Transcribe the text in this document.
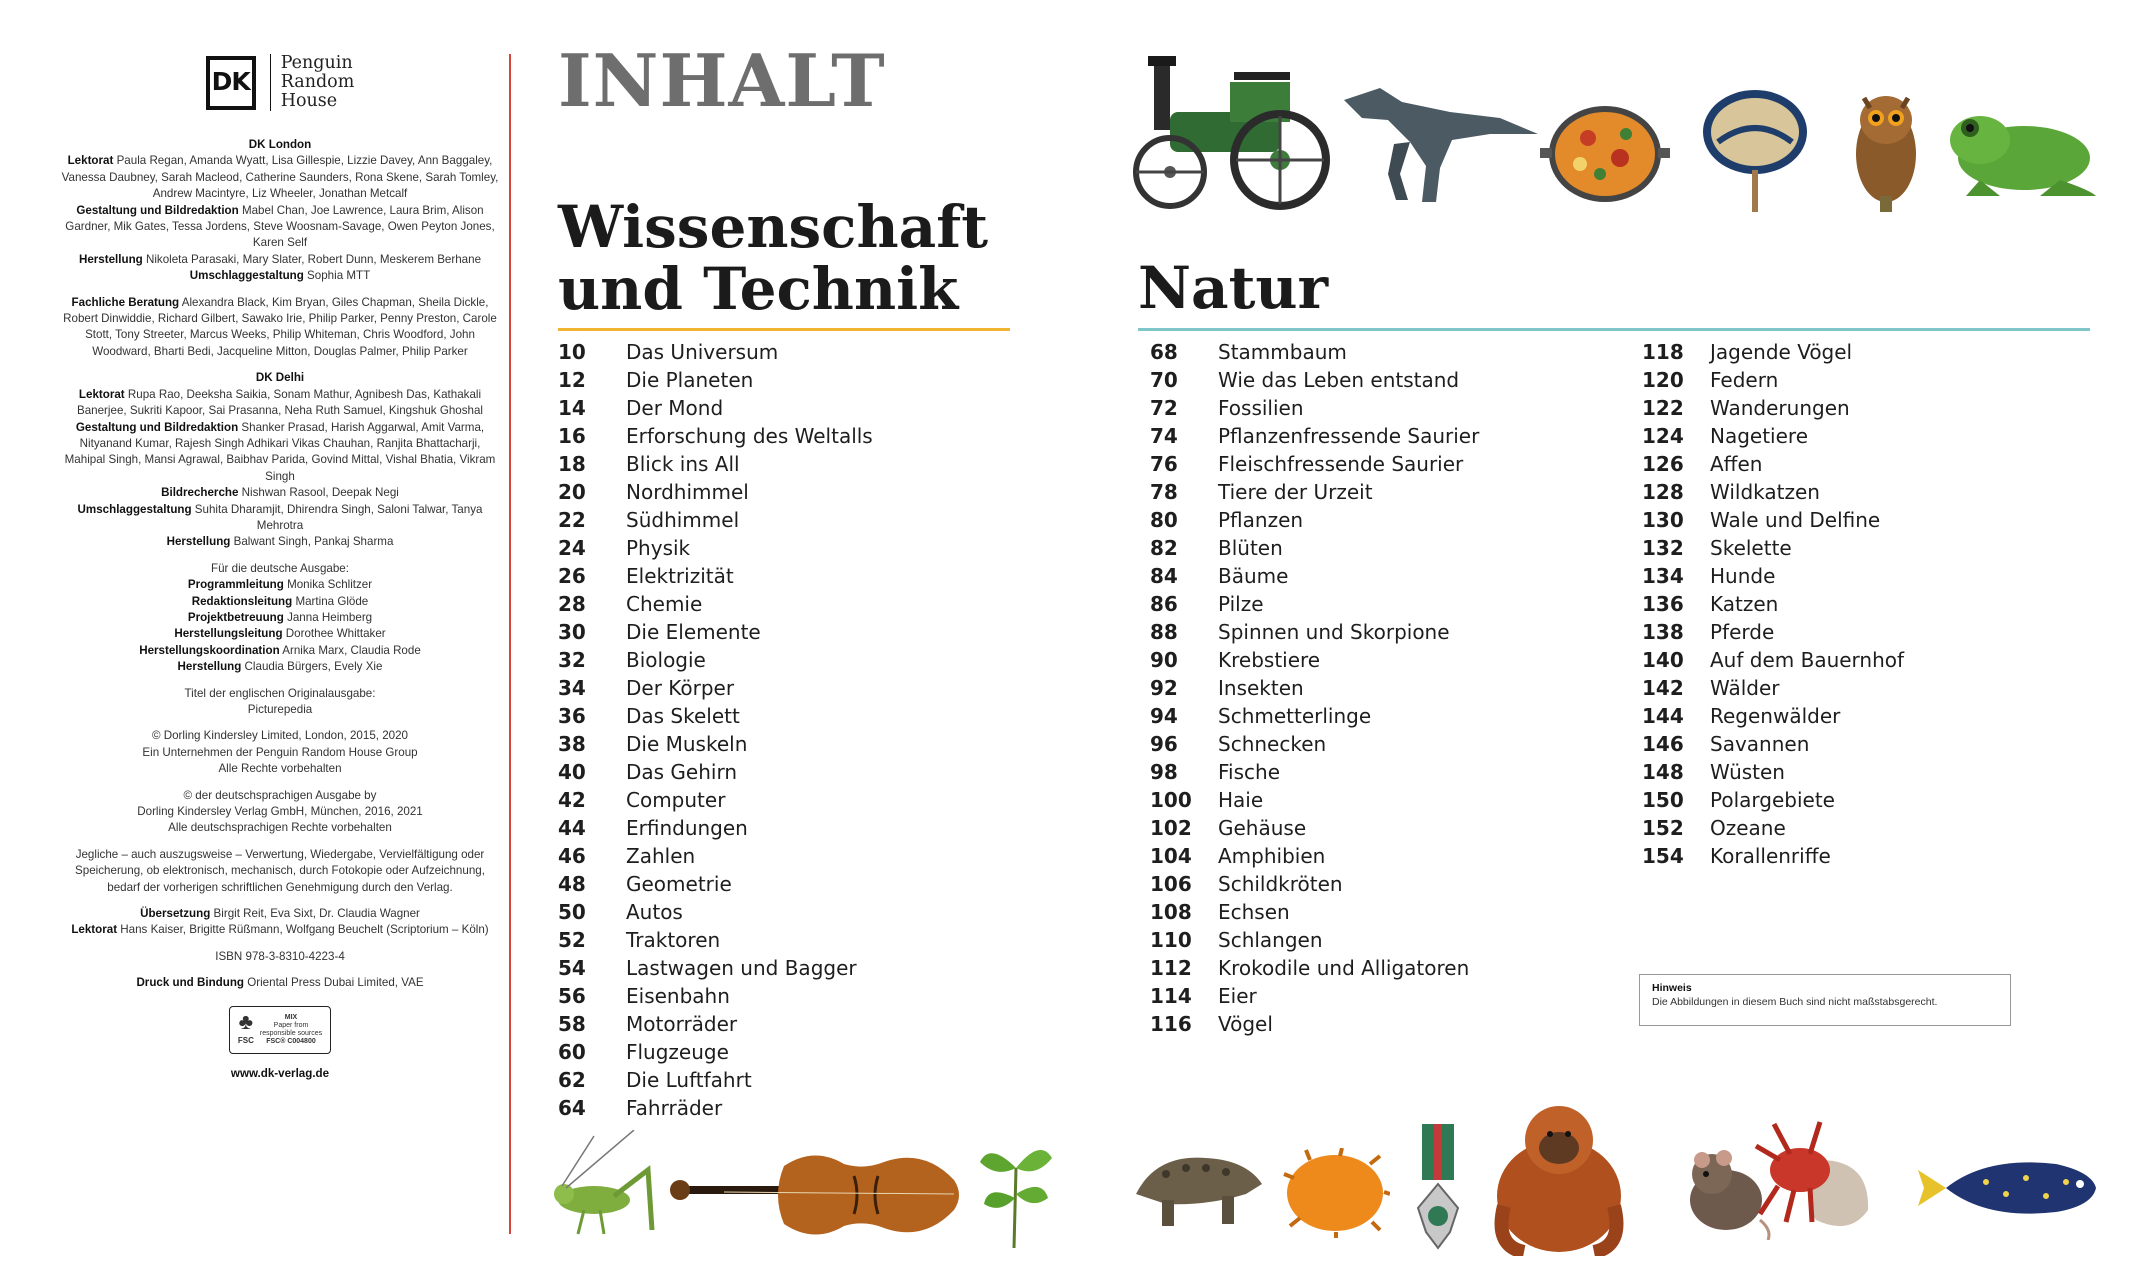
DK
Penguin
Random
House
DK London

Lektorat Paula Regan, Amanda Wyatt, Lisa Gillespie, Lizzie Davey, Ann Baggaley, Vanessa Daubney, Sarah Macleod, Catherine Saunders, Rona Skene, Sarah Tomley, Andrew Macintyre, Liz Wheeler, Jonathan Metcalf
Gestaltung und Bildredaktion Mabel Chan, Joe Lawrence, Laura Brim, Alison Gardner, Mik Gates, Tessa Jordens, Steve Woosnam-Savage, Owen Peyton Jones, Karen Self
Herstellung Nikoleta Parasaki, Mary Slater, Robert Dunn, Meskerem Berhane
Umschlaggestaltung Sophia MTT
Fachliche Beratung Alexandra Black, Kim Bryan, Giles Chapman, Sheila Dickle, Robert Dinwiddie, Richard Gilbert, Sawako Irie, Philip Parker, Penny Preston, Carole Stott, Tony Streeter, Marcus Weeks, Philip Whiteman, Chris Woodford, John Woodward, Bharti Bedi, Jacqueline Mitton, Douglas Palmer, Philip Parker
DK Delhi

Lektorat Rupa Rao, Deeksha Saikia, Sonam Mathur, Agnibesh Das, Kathakali Banerjee, Sukriti Kapoor, Sai Prasanna, Neha Ruth Samuel, Kingshuk Ghoshal
Gestaltung und Bildredaktion Shanker Prasad, Harish Aggarwal, Amit Varma, Nityanand Kumar, Rajesh Singh Adhikari Vikas Chauhan, Ranjita Bhattacharji, Mahipal Singh, Mansi Agrawal, Baibhav Parida, Govind Mittal, Vishal Bhatia, Vikram Singh
Bildrecherche Nishwan Rasool, Deepak Negi
Umschlaggestaltung Suhita Dharamjit, Dhirendra Singh, Saloni Talwar, Tanya Mehrotra
Herstellung Balwant Singh, Pankaj Sharma
Für die deutsche Ausgabe:
Programmleitung Monika Schlitzer
Redaktionsleitung Martina Glöde
Projektbetreuung Janna Heimberg
Herstellungsleitung Dorothee Whittaker
Herstellungskoordination Arnika Marx, Claudia Rode
Herstellung Claudia Bürgers, Evely Xie
Titel der englischen Originalausgabe:
Picturepedia
© Dorling Kindersley Limited, London, 2015, 2020
Ein Unternehmen der Penguin Random House Group
Alle Rechte vorbehalten
© der deutschsprachigen Ausgabe by
Dorling Kindersley Verlag GmbH, München, 2016, 2021
Alle deutschsprachigen Rechte vorbehalten
Jegliche – auch auszugsweise – Verwertung, Wiedergabe, Vervielfältigung oder Speicherung, ob elektronisch, mechanisch, durch Fotokopie oder Aufzeichnung, bedarf der vorherigen schriftlichen Genehmigung durch den Verlag.
Übersetzung Birgit Reit, Eva Sixt, Dr. Claudia Wagner
Lektorat Hans Kaiser, Brigitte Rüßmann, Wolfgang Beuchelt (Scriptorium – Köln)
ISBN 978-3-8310-4223-4
Druck und Bindung Oriental Press Dubai Limited, VAE
♣
FSC
MIX
Paper from
responsible sources
FSC® C004800
www.dk-verlag.de
INHALT
Wissenschaft
und Technik	Natur
10	Das Universum
12	Die Planeten
14	Der Mond
16	Erforschung des Weltalls
18	Blick ins All
20	Nordhimmel
22	Südhimmel
24	Physik
26	Elektrizität
28	Chemie
30	Die Elemente
32	Biologie
34	Der Körper
36	Das Skelett
38	Die Muskeln
40	Das Gehirn
42	Computer
44	Erfindungen
46	Zahlen
48	Geometrie
50	Autos
52	Traktoren
54	Lastwagen und Bagger
56	Eisenbahn
58	Motorräder
60	Flugzeuge
62	Die Luftfahrt
64	Fahrräder
68	Stammbaum
70	Wie das Leben entstand
72	Fossilien
74	Pflanzenfressende Saurier
76	Fleischfressende Saurier
78	Tiere der Urzeit
80	Pflanzen
82	Blüten
84	Bäume
86	Pilze
88	Spinnen und Skorpione
90	Krebstiere
92	Insekten
94	Schmetterlinge
96	Schnecken
98	Fische
100	Haie
102	Gehäuse
104	Amphibien
106	Schildkröten
108	Echsen
110	Schlangen
112	Krokodile und Alligatoren
114	Eier
116	Vögel
118	Jagende Vögel
120	Federn
122	Wanderungen
124	Nagetiere
126	Affen
128	Wildkatzen
130	Wale und Delfine
132	Skelette
134	Hunde
136	Katzen
138	Pferde
140	Auf dem Bauernhof
142	Wälder
144	Regenwälder
146	Savannen
148	Wüsten
150	Polargebiete
152	Ozeane
154	Korallenriffe
Hinweis
Die Abbildungen in diesem Buch sind nicht maßstabsgerecht.
